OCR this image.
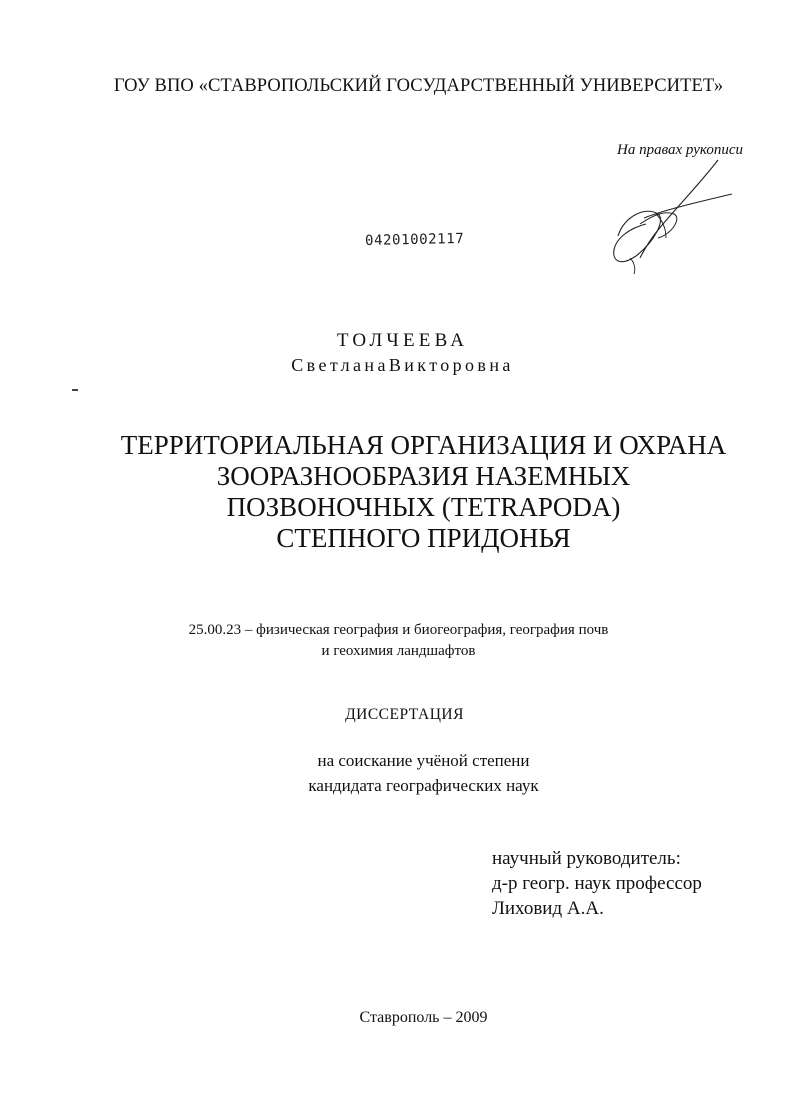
ГОУ ВПО «СТАВРОПОЛЬСКИЙ ГОСУДАРСТВЕННЫЙ УНИВЕРСИТЕТ»
На правах рукописи
04201002117
ТОЛЧЕЕВА
СветланаВикторовна
ТЕРРИТОРИАЛЬНАЯ ОРГАНИЗАЦИЯ И ОХРАНА
ЗООРАЗНООБРАЗИЯ НАЗЕМНЫХ
ПОЗВОНОЧНЫХ (TETRAPODA)
СТЕПНОГО ПРИДОНЬЯ
25.00.23 – физическая география и биогеография, география почв
и геохимия ландшафтов
ДИССЕРТАЦИЯ
на соискание учёной степени
кандидата географических наук
научный руководитель:
д-р геогр. наук профессор
Лиховид А.А.
Ставрополь – 2009
